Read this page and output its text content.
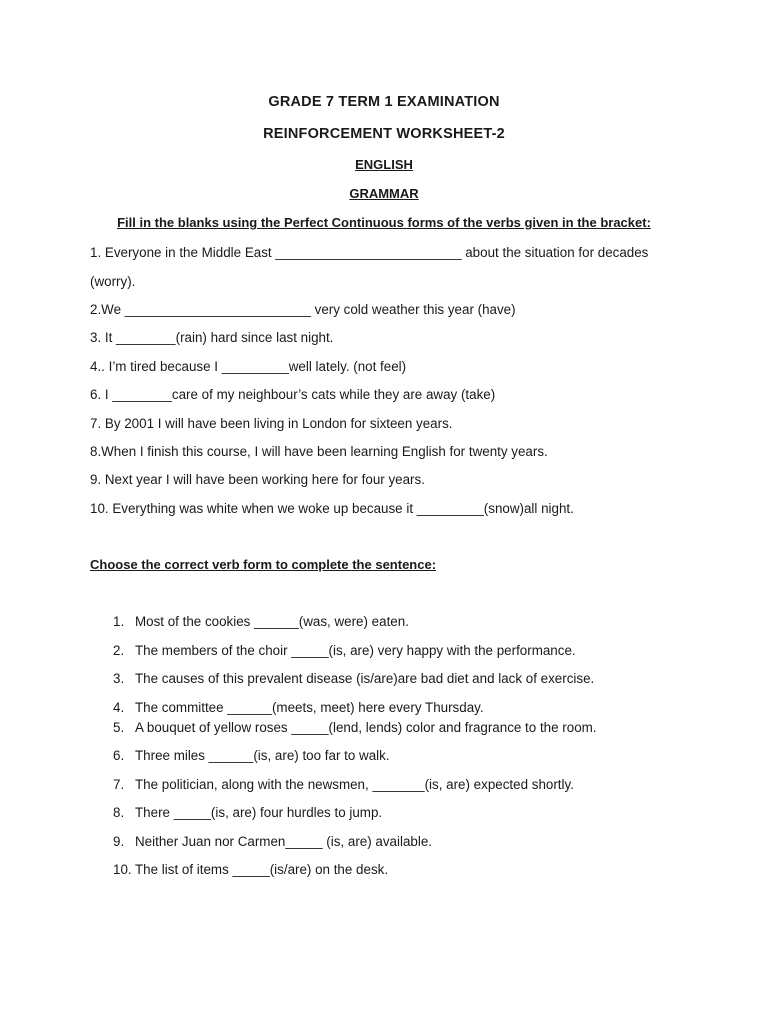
GRADE 7 TERM 1 EXAMINATION
REINFORCEMENT WORKSHEET-2
ENGLISH
GRAMMAR
Fill in the blanks using the Perfect Continuous forms of the verbs given in the bracket:
1. Everyone in the Middle East _________________________ about the situation for decades
(worry).
2.We _________________________ very cold weather this year (have)
3. It ________(rain) hard since last night.
4.. I’m tired because I _________well lately. (not feel)
6. I ________care of my neighbour’s cats while they are away (take)
7. By 2001 I will have been living in London for sixteen years.
8.When I finish this course, I will have been learning English for twenty years.
9. Next year I will have been working here for four years.
10. Everything was white when we woke up because it _________(snow)all night.
Choose the correct verb form to complete the sentence:
1. Most of the cookies ______(was, were) eaten.
2. The members of the choir _____(is, are) very happy with the performance.
3. The causes of this prevalent disease (is/are)are bad diet and lack of exercise.
4. The committee ______(meets, meet) here every Thursday.
5. A bouquet of yellow roses _____(lend, lends) color and fragrance to the room.
6. Three miles ______(is, are) too far to walk.
7. The politician, along with the newsmen, _______(is, are) expected shortly.
8. There _____(is, are) four hurdles to jump.
9. Neither Juan nor Carmen_____ (is, are) available.
10. The list of items _____(is/are) on the desk.
